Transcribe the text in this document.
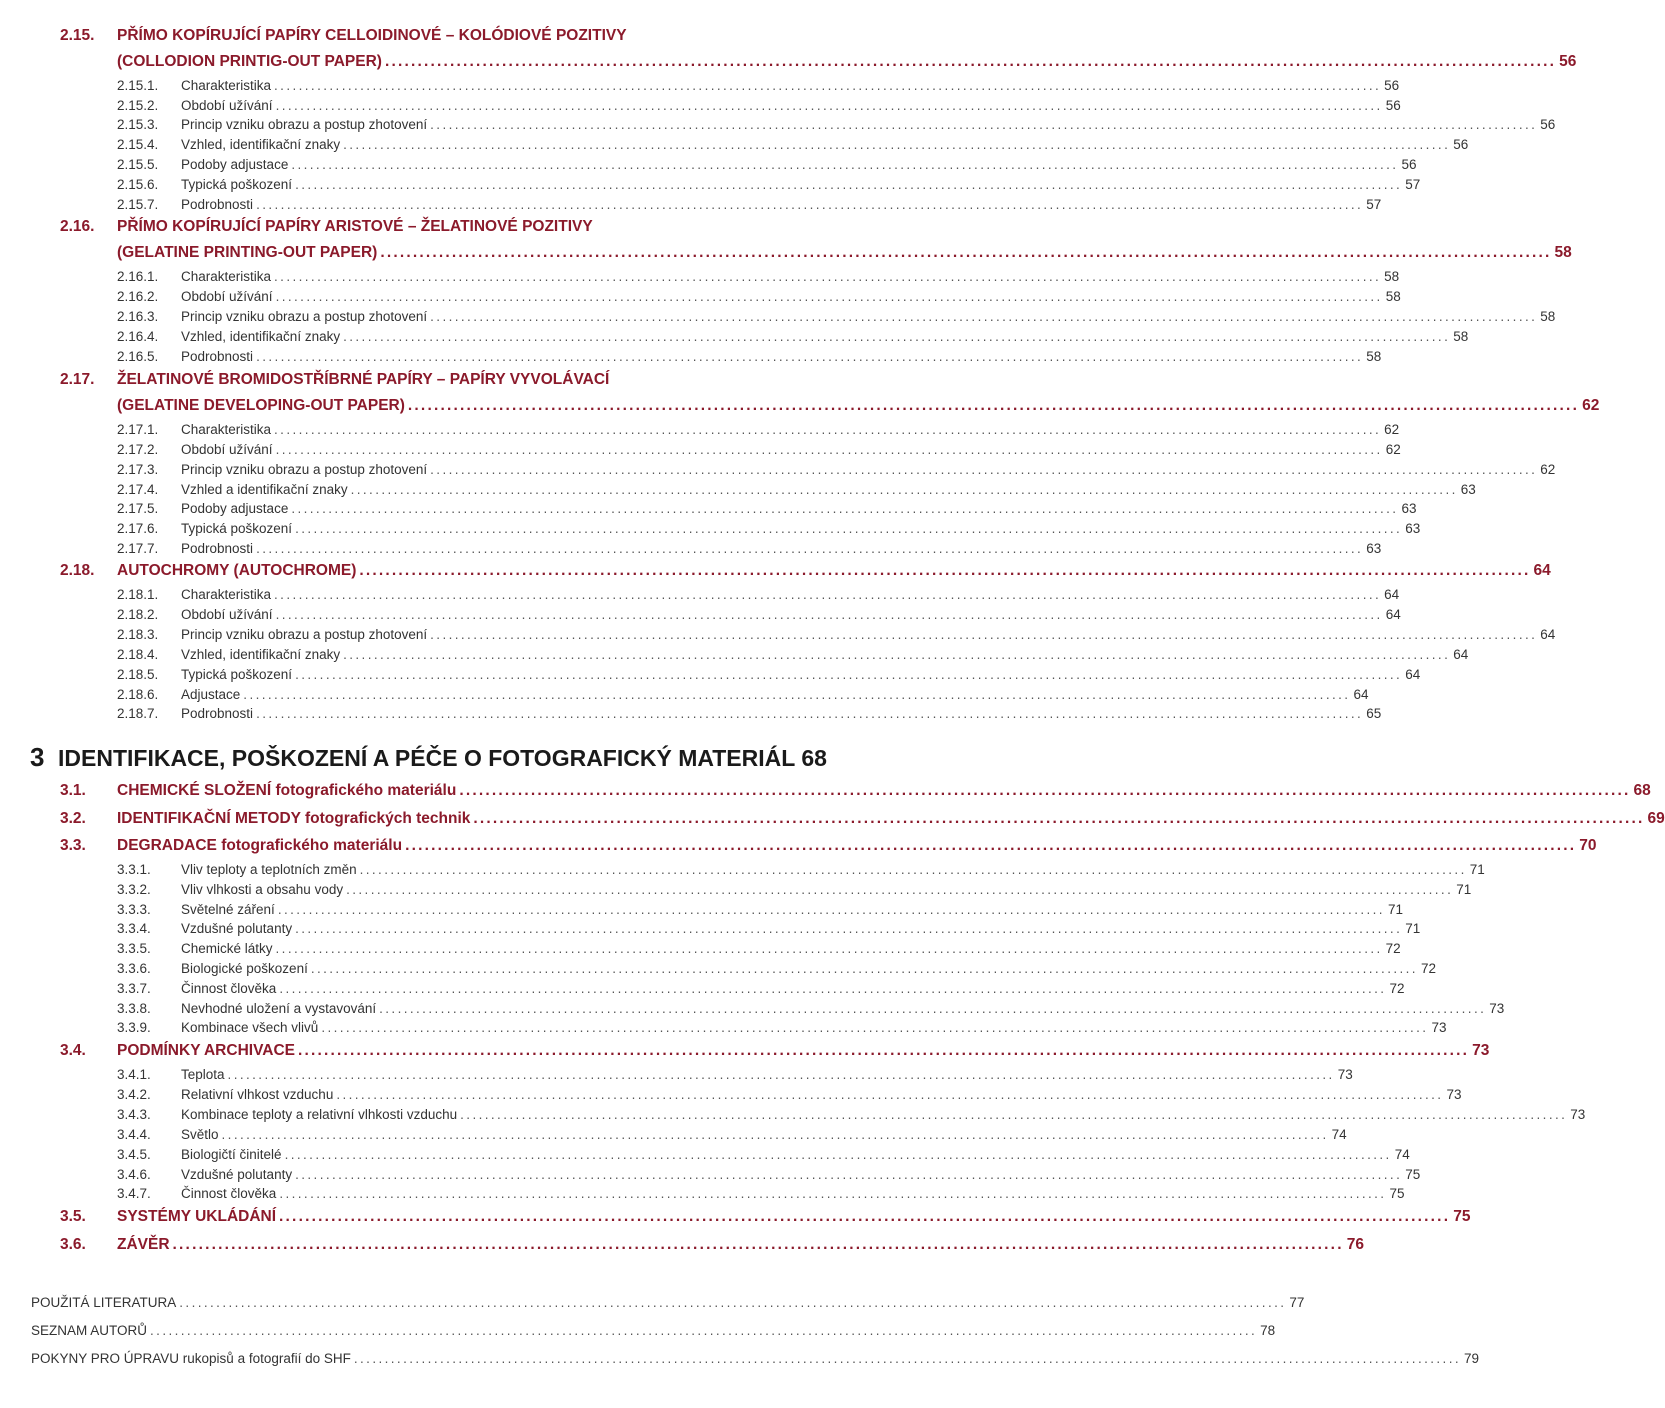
2.15. PŘÍMO KOPÍRUJÍCÍ PAPÍRY CELLOIDINOVÉ – KOLÓDIOVÉ POZITIVY
(COLLODION PRINTIG-OUT PAPER) .................................................................................................................................................................................... 56
2.15.1.	Charakteristika .................................................................................................................................................................................... 56
2.15.2.	Období užívání .................................................................................................................................................................................... 56
2.15.3.	Princip vzniku obrazu a postup zhotovení .................................................................................................................................................................................... 56
2.15.4.	Vzhled, identifikační znaky .................................................................................................................................................................................... 56
2.15.5.	Podoby adjustace .................................................................................................................................................................................... 56
2.15.6.	Typická poškození .................................................................................................................................................................................... 57
2.15.7.	Podrobnosti .................................................................................................................................................................................... 57
2.16. PŘÍMO KOPÍRUJÍCÍ PAPÍRY ARISTOVÉ – ŽELATINOVÉ POZITIVY
(GELATINE PRINTING-OUT PAPER) .................................................................................................................................................................................... 58
2.16.1.	Charakteristika .................................................................................................................................................................................... 58
2.16.2.	Období užívání .................................................................................................................................................................................... 58
2.16.3.	Princip vzniku obrazu a postup zhotovení .................................................................................................................................................................................... 58
2.16.4.	Vzhled, identifikační znaky .................................................................................................................................................................................... 58
2.16.5.	Podrobnosti .................................................................................................................................................................................... 58
2.17. ŽELATINOVÉ BROMIDOSTŘÍBRNÉ PAPÍRY – PAPÍRY VYVOLÁVACÍ
(GELATINE DEVELOPING-OUT PAPER) .................................................................................................................................................................................... 62
2.17.1.	Charakteristika .................................................................................................................................................................................... 62
2.17.2.	Období užívání .................................................................................................................................................................................... 62
2.17.3.	Princip vzniku obrazu a postup zhotovení .................................................................................................................................................................................... 62
2.17.4.	Vzhled a identifikační znaky .................................................................................................................................................................................... 63
2.17.5.	Podoby adjustace .................................................................................................................................................................................... 63
2.17.6.	Typická poškození .................................................................................................................................................................................... 63
2.17.7.	Podrobnosti .................................................................................................................................................................................... 63
2.18.	AUTOCHROMY (AUTOCHROME) .................................................................................................................................................................................... 64
2.18.1.	Charakteristika .................................................................................................................................................................................... 64
2.18.2.	Období užívání .................................................................................................................................................................................... 64
2.18.3.	Princip vzniku obrazu a postup zhotovení .................................................................................................................................................................................... 64
2.18.4.	Vzhled, identifikační znaky .................................................................................................................................................................................... 64
2.18.5.	Typická poškození .................................................................................................................................................................................... 64
2.18.6.	Adjustace .................................................................................................................................................................................... 64
2.18.7.	Podrobnosti .................................................................................................................................................................................... 65
3 IDENTIFIKACE, POŠKOZENÍ A PÉČE O FOTOGRAFICKÝ MATERIÁL 68
3.1.	CHEMICKÉ SLOŽENÍ fotografického materiálu .................................................................................................................................................................................... 68
3.2.	IDENTIFIKAČNÍ METODY fotografických technik .................................................................................................................................................................................... 69
3.3.	DEGRADACE fotografického materiálu .................................................................................................................................................................................... 70
3.3.1.	Vliv teploty a teplotních změn .................................................................................................................................................................................... 71
3.3.2.	Vliv vlhkosti a obsahu vody .................................................................................................................................................................................... 71
3.3.3.	Světelné záření .................................................................................................................................................................................... 71
3.3.4.	Vzdušné polutanty .................................................................................................................................................................................... 71
3.3.5.	Chemické látky .................................................................................................................................................................................... 72
3.3.6.	Biologické poškození .................................................................................................................................................................................... 72
3.3.7.	Činnost člověka .................................................................................................................................................................................... 72
3.3.8.	Nevhodné uložení a vystavování .................................................................................................................................................................................... 73
3.3.9.	Kombinace všech vlivů .................................................................................................................................................................................... 73
3.4.	PODMÍNKY ARCHIVACE .................................................................................................................................................................................... 73
3.4.1.	Teplota .................................................................................................................................................................................... 73
3.4.2.	Relativní vlhkost vzduchu .................................................................................................................................................................................... 73
3.4.3.	Kombinace teploty a relativní vlhkosti vzduchu .................................................................................................................................................................................... 73
3.4.4.	Světlo .................................................................................................................................................................................... 74
3.4.5.	Biologičtí činitelé .................................................................................................................................................................................... 74
3.4.6.	Vzdušné polutanty .................................................................................................................................................................................... 75
3.4.7.	Činnost člověka .................................................................................................................................................................................... 75
3.5.	SYSTÉMY UKLÁDÁNÍ .................................................................................................................................................................................... 75
3.6.	ZÁVĚR .................................................................................................................................................................................... 76
POUŽITÁ LITERATURA .................................................................................................................................................................................... 77
SEZNAM AUTORŮ .................................................................................................................................................................................... 78
POKYNY PRO ÚPRAVU rukopisů a fotografií do SHF .................................................................................................................................................................................... 79
